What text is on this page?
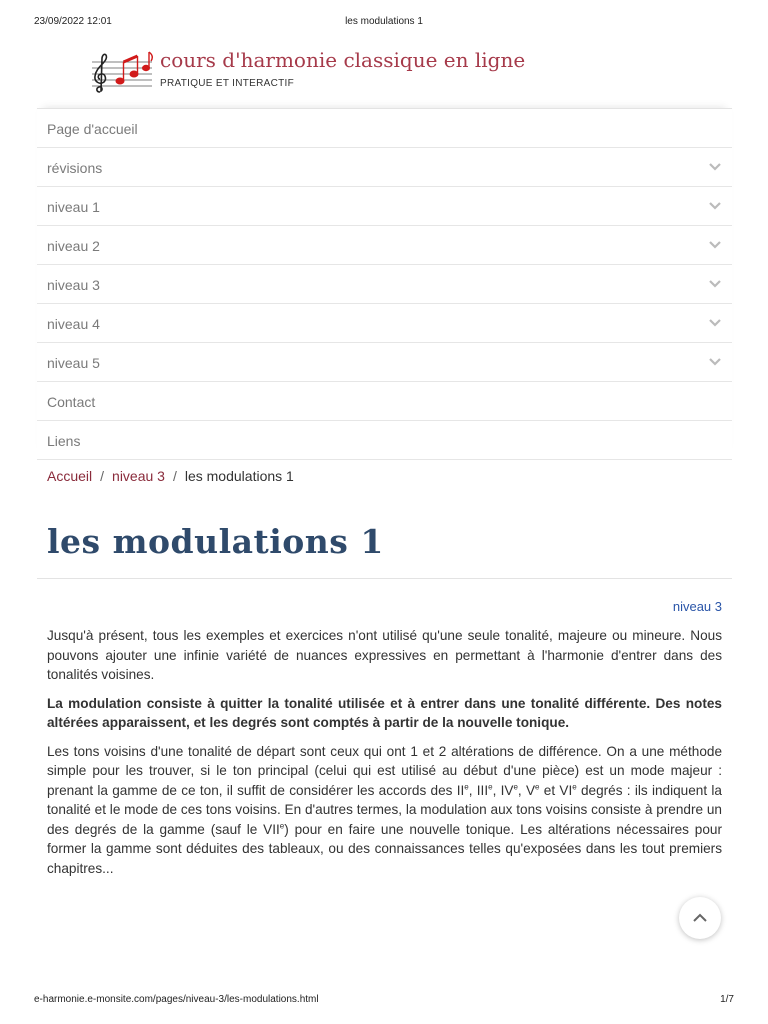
23/09/2022 12:01	les modulations 1
cours d'harmonie classique en ligne
PRATIQUE ET INTERACTIF
Page d'accueil
révisions
niveau 1
niveau 2
niveau 3
niveau 4
niveau 5
Contact
Liens
Accueil / niveau 3 / les modulations 1
les modulations 1
niveau 3

Jusqu'à présent, tous les exemples et exercices n'ont utilisé qu'une seule tonalité, majeure ou mineure. Nous pouvons ajouter une infinie variété de nuances expressives en permettant à l'harmonie d'entrer dans des tonalités voisines.

La modulation consiste à quitter la tonalité utilisée et à entrer dans une tonalité différente. Des notes altérées apparaissent, et les degrés sont comptés à partir de la nouvelle tonique.

Les tons voisins d'une tonalité de départ sont ceux qui ont 1 et 2 altérations de différence. On a une méthode simple pour les trouver, si le ton principal (celui qui est utilisé au début d'une pièce) est un mode majeur : prenant la gamme de ce ton, il suffit de considérer les accords des IIe, IIIe, IVe, Ve et VIe degrés : ils indiquent la tonalité et le mode de ces tons voisins. En d'autres termes, la modulation aux tons voisins consiste à prendre un des degrés de la gamme (sauf le VIIe) pour en faire une nouvelle tonique. Les altérations nécessaires pour former la gamme sont déduites des tableaux, ou des connaissances telles qu'exposées dans les tout premiers chapitres...

e-harmonie.e-monsite.com/pages/niveau-3/les-modulations.html	1/7
